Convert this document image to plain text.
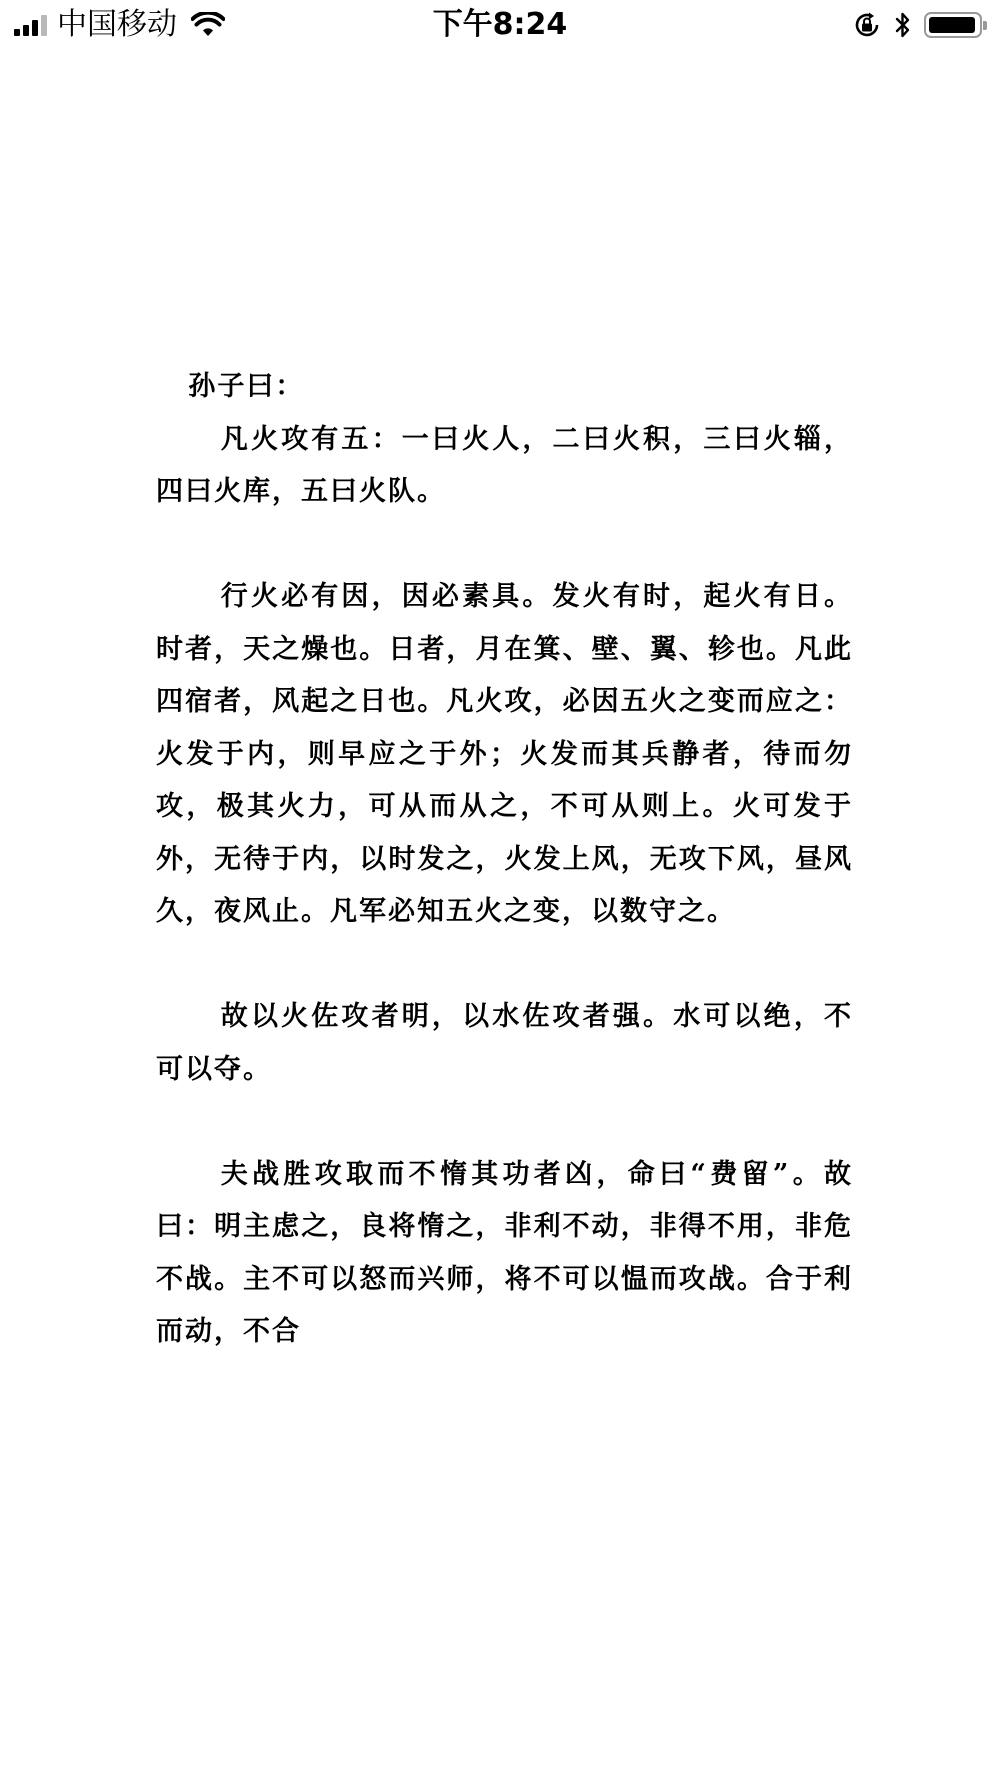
中国移动	下午8:24

孙子曰：

凡火攻有五：一曰火人，二曰火积，三曰火辎，四曰火库，五曰火队。

行火必有因，因必素具。发火有时，起火有日。时者，天之燥也。日者，月在箕、壁、翼、轸也。凡此四宿者，风起之日也。凡火攻，必因五火之变而应之：火发于内，则早应之于外；火发而其兵静者，待而勿攻，极其火力，可从而从之，不可从则上。火可发于外，无待于内，以时发之，火发上风，无攻下风，昼风久，夜风止。凡军必知五火之变，以数守之。

故以火佐攻者明，以水佐攻者强。水可以绝，不可以夺。

夫战胜攻取而不惰其功者凶，命曰“费留”。故曰：明主虑之，良将惰之，非利不动，非得不用，非危不战。主不可以怒而兴师，将不可以愠而攻战。合于利而动，不合
